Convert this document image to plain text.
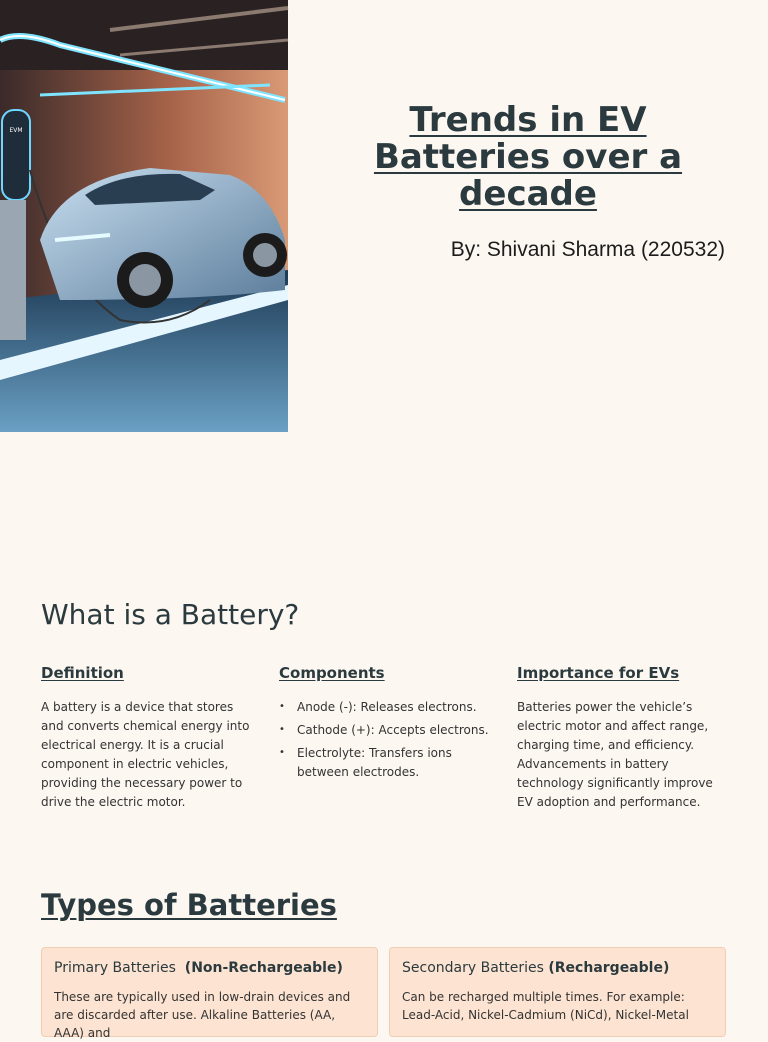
EVM	Trends in EV Batteries over a decade
By: Shivani Sharma (220532)
What is a Battery?
Definition

A battery is a device that stores and converts chemical energy into electrical energy. It is a crucial component in electric vehicles, providing the necessary power to drive the electric motor.

Components
• Anode (-): Releases electrons.
• Cathode (+): Accepts electrons.
• Electrolyte: Transfers ions between electrodes.
Importance for EVs

Batteries power the vehicle’s electric motor and affect range, charging time, and efficiency. Advancements in battery technology significantly improve EV adoption and performance.

Types of Batteries
Primary Batteries (Non-Rechargeable)

These are typically used in low-drain devices and are discarded after use. Alkaline Batteries (AA, AAA) and

Secondary Batteries (Rechargeable)

Can be recharged multiple times. For example: Lead-Acid, Nickel-Cadmium (NiCd), Nickel-Metal
